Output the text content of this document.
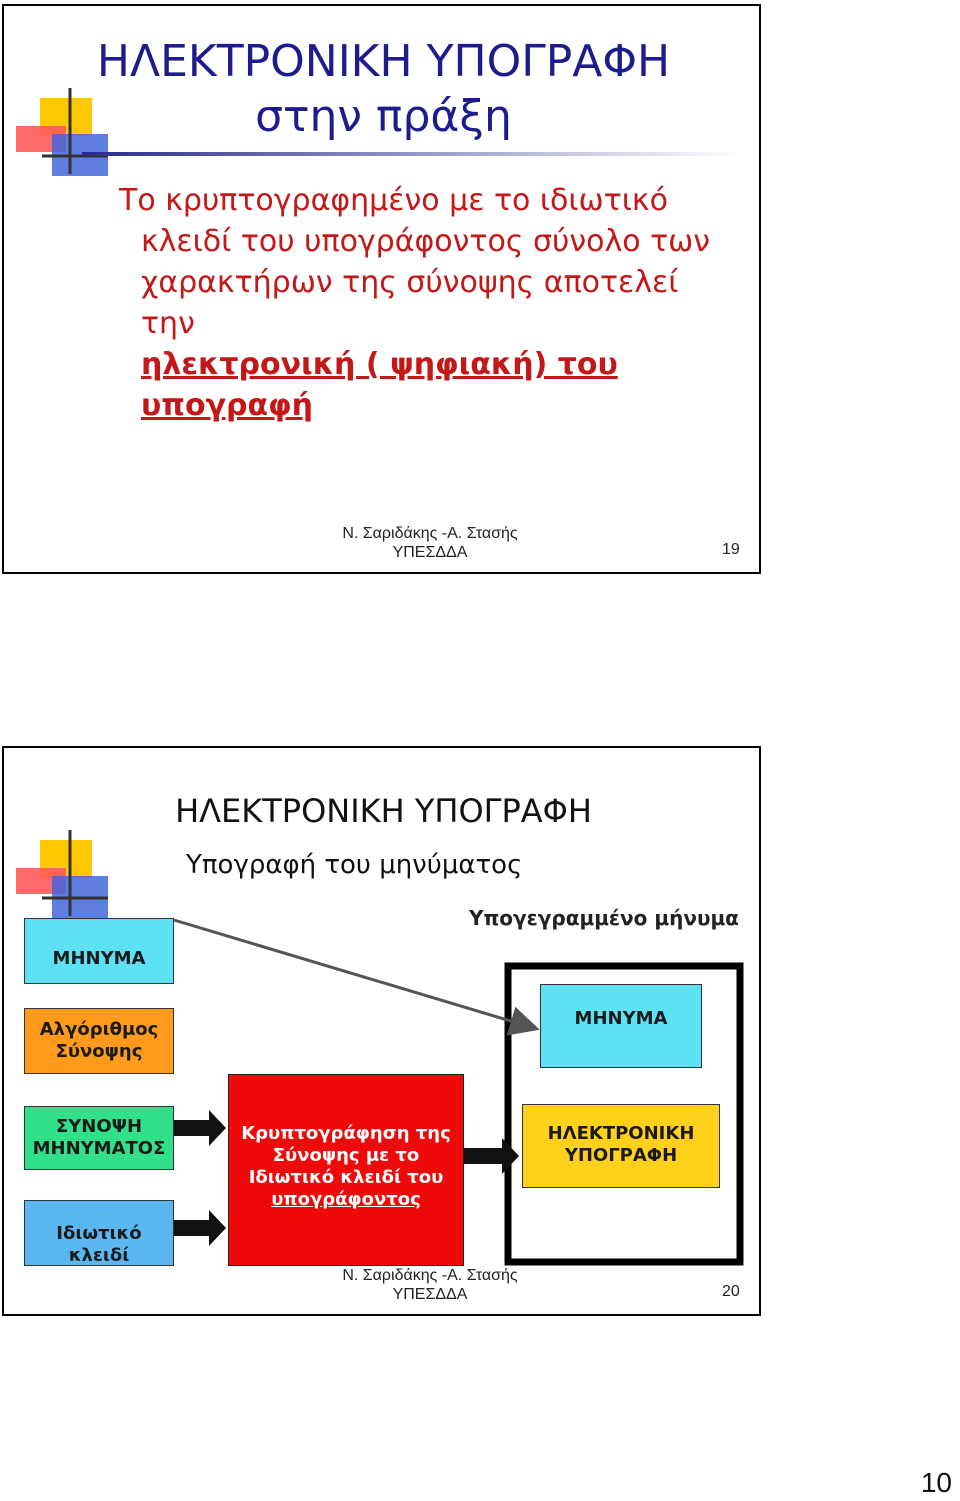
ΗΛΕΚΤΡΟΝΙΚΗ ΥΠΟΓΡΑΦΗ
στην πράξη
Το κρυπτογραφημένο με το ιδιωτικό
κλειδί του υπογράφοντος σύνολο των
χαρακτήρων της σύνοψης αποτελεί την
ηλεκτρονική ( ψηφιακή) του
υπογραφή
Ν. Σαριδάκης -Α. Στασής
ΥΠΕΣΔΔΑ	19
ΗΛΕΚΤΡΟΝΙΚΗ ΥΠΟΓΡΑΦΗ
Υπογραφή του μηνύματος
Υπογεγραμμένο μήνυμα
ΜΗΝΥΜΑ
Αλγόριθμος
Σύνοψης
ΣΥΝΟΨΗ
ΜΗΝΥΜΑΤΟΣ
Ιδιωτικό κλειδί
Κρυπτογράφηση της
Σύνοψης με το
Ιδιωτικό κλειδί του
υπογράφοντος
ΜΗΝΥΜΑ
ΗΛΕΚΤΡΟΝΙΚΗ
ΥΠΟΓΡΑΦΗ
Ν. Σαριδάκης -Α. Στασής
ΥΠΕΣΔΔΑ	20
10
